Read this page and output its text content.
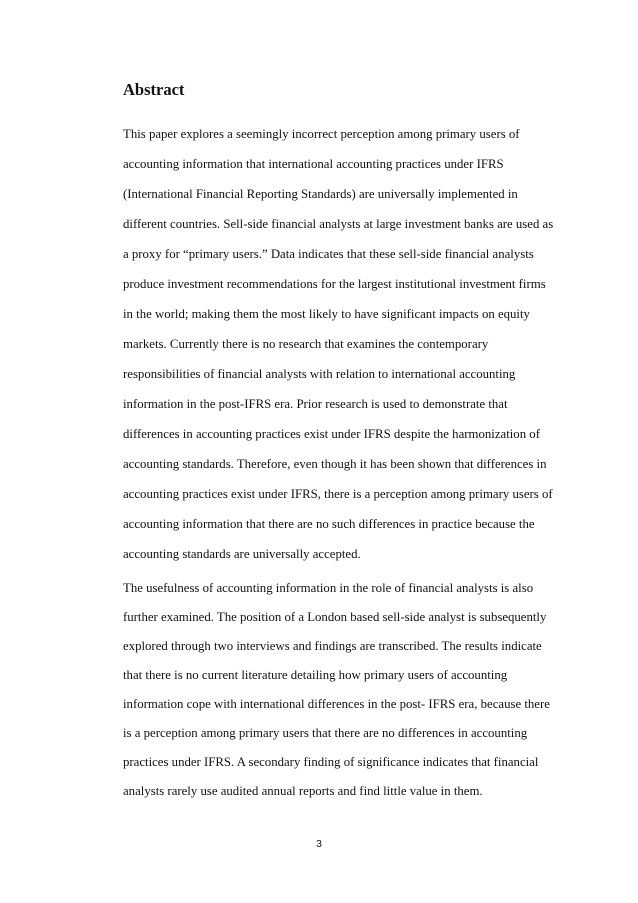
Abstract
This paper explores a seemingly incorrect perception among primary users of
accounting information that international accounting practices under IFRS
(International Financial Reporting Standards) are universally implemented in
different countries. Sell-side financial analysts at large investment banks are used as
a proxy for “primary users.” Data indicates that these sell-side financial analysts
produce investment recommendations for the largest institutional investment firms
in the world; making them the most likely to have significant impacts on equity
markets. Currently there is no research that examines the contemporary
responsibilities of financial analysts with relation to international accounting
information in the post-IFRS era. Prior research is used to demonstrate that
differences in accounting practices exist under IFRS despite the harmonization of
accounting standards. Therefore, even though it has been shown that differences in
accounting practices exist under IFRS, there is a perception among primary users of
accounting information that there are no such differences in practice because the
accounting standards are universally accepted.
The usefulness of accounting information in the role of financial analysts is also
further examined. The position of a London based sell-side analyst is subsequently
explored through two interviews and findings are transcribed. The results indicate
that there is no current literature detailing how primary users of accounting
information cope with international differences in the post- IFRS era, because there
is a perception among primary users that there are no differences in accounting
practices under IFRS. A secondary finding of significance indicates that financial
analysts rarely use audited annual reports and find little value in them.
3
